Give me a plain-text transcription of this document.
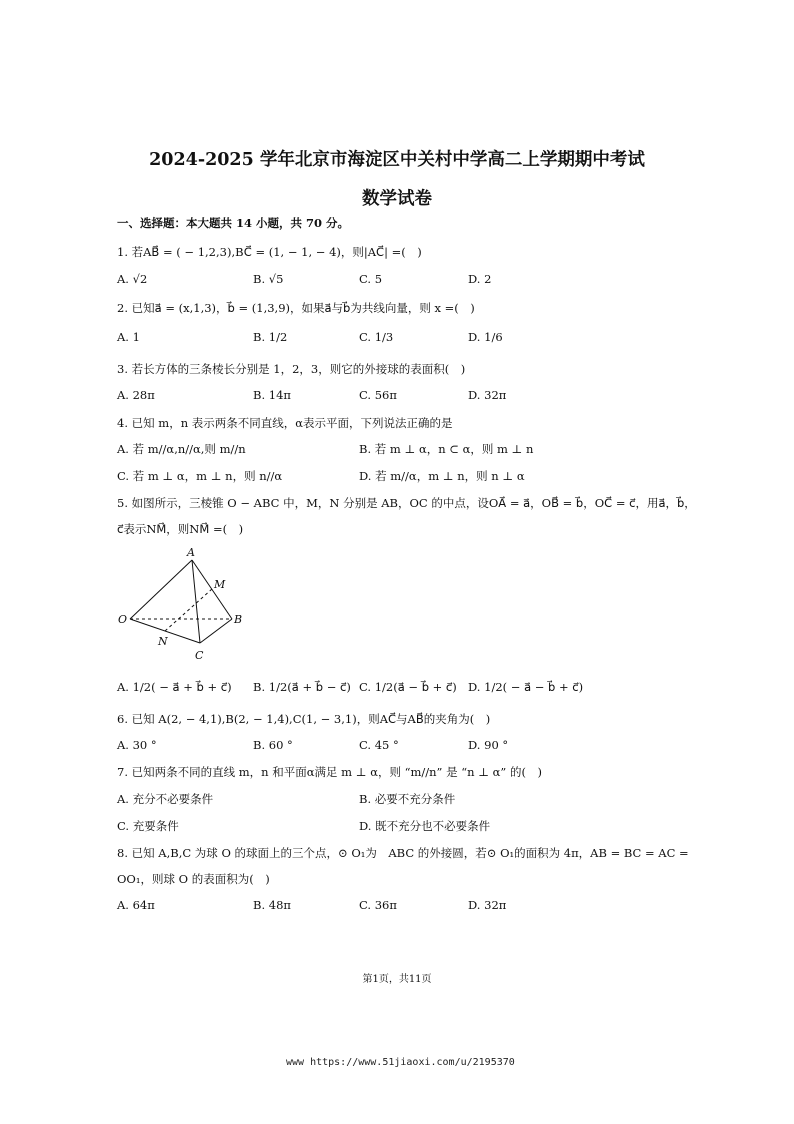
2024-2025 学年北京市海淀区中关村中学高二上学期期中考试
数学试卷
一、选择题：本大题共 14 小题，共 70 分。
1. 若AB⃗ = ( − 1,2,3),BC⃗ = (1, − 1, − 4)，则|AC⃗| =(　)
A. √2	B. √5	C. 5	D. 2
2. 已知a⃗ = (x,1,3)，b⃗ = (1,3,9)，如果a⃗与b⃗为共线向量，则 x =(　)
A. 1	B. 1/2	C. 1/3	D. 1/6
3. 若长方体的三条棱长分别是 1，2，3，则它的外接球的表面积(　)
A. 28π	B. 14π	C. 56π	D. 32π
4. 已知 m，n 表示两条不同直线，α表示平面，下列说法正确的是
A. 若 m//α,n//α,则 m//n	B. 若 m ⊥ α，n ⊂ α，则 m ⊥ n
C. 若 m ⊥ α，m ⊥ n，则 n//α	D. 若 m//α，m ⊥ n，则 n ⊥ α
5. 如图所示，三棱锥 O − ABC 中，M，N 分别是 AB，OC 的中点，设OA⃗ = a⃗，OB⃗ = b⃗，OC⃗ = c⃗，用a⃗，b⃗，
c⃗表示NM⃗，则NM⃗ =(　)
A
M
O	B
N
C
A. 1/2( − a⃗ + b⃗ + c⃗) B. 1/2(a⃗ + b⃗ − c⃗) C. 1/2(a⃗ − b⃗ + c⃗) D. 1/2( − a⃗ − b⃗ + c⃗)
6. 已知 A(2, − 4,1),B(2, − 1,4),C(1, − 3,1)，则AC⃗与AB⃗的夹角为(　)
A. 30 °	B. 60 °	C. 45 °	D. 90 °
7. 已知两条不同的直线 m，n 和平面α满足 m ⊥ α，则 “m//n” 是 “n ⊥ α” 的(　)
A. 充分不必要条件	B. 必要不充分条件
C. 充要条件	D. 既不充分也不必要条件
8. 已知 A,B,C 为球 O 的球面上的三个点，⊙ O₁为　ABC 的外接圆，若⊙ O₁的面积为 4π，AB = BC = AC =
OO₁，则球 O 的表面积为(　)
A. 64π	B. 48π	C. 36π	D. 32π
第1页，共11页
www https://www.51jiaoxi.com/u/2195370
